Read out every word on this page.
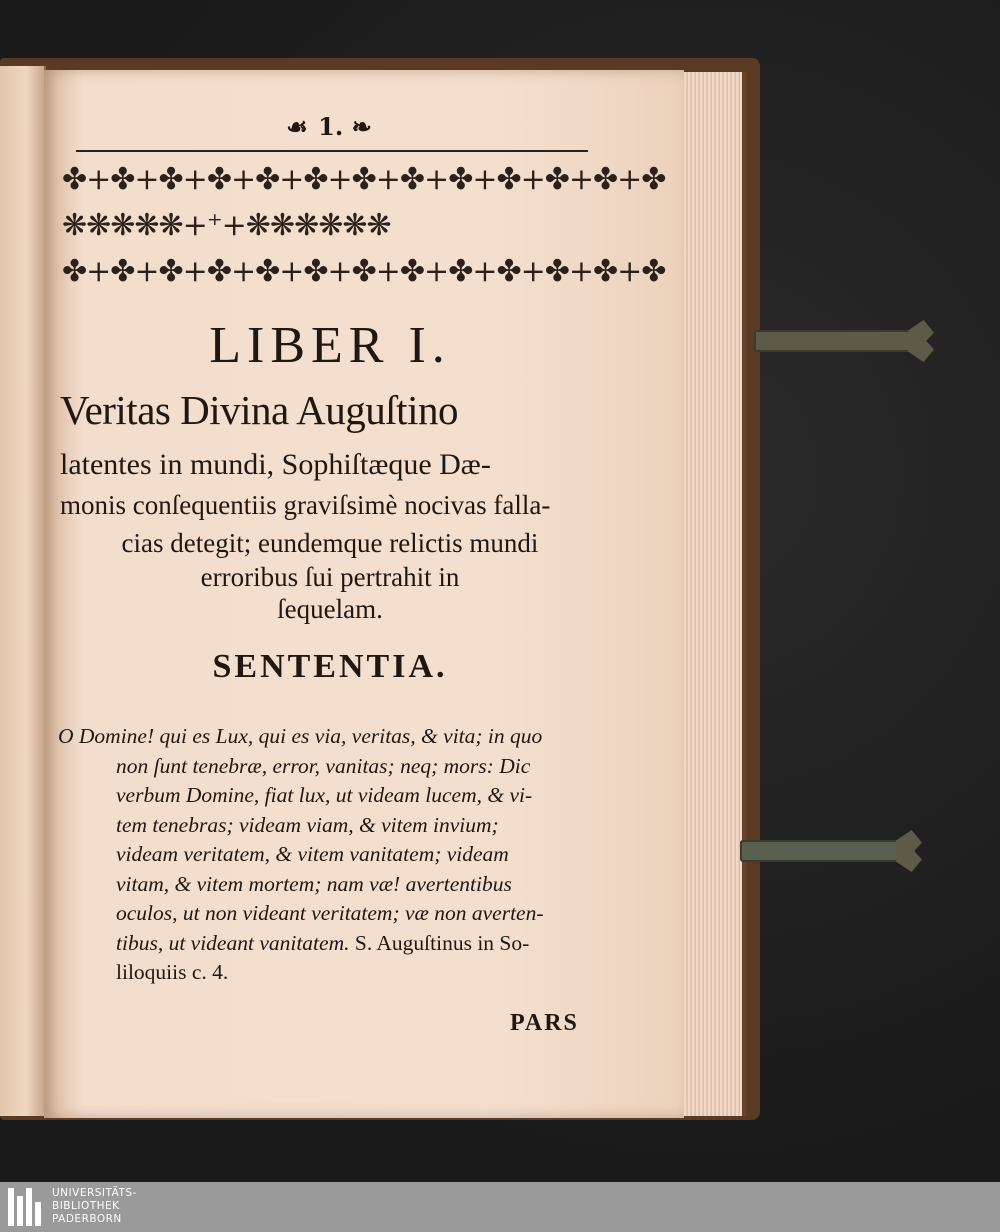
☙ 1. ❧
✤+✤+✤+✤+✤+✤+✤+✤+✤+✤+✤+✤+✤
❋❋❋❋❋+⁺+❋❋❋❋❋❋
✤+✤+✤+✤+✤+✤+✤+✤+✤+✤+✤+✤+✤
LIBER I.
Veritas Divina Auguſtino
latentes in mundi, Sophiſtæque Dæ-
monis conſequentiis graviſsimè nocivas falla-
cias detegit; eundemque relictis mundi
erroribus ſui pertrahit in
ſequelam.
SENTENTIA.
O Domine! qui es Lux, qui es via, veritas, & vita; in quo
non ſunt tenebræ, error, vanitas; neq; mors: Dic
verbum Domine, fiat lux, ut videam lucem, & vi-
tem tenebras; videam viam, & vitem invium;
videam veritatem, & vitem vanitatem; videam
vitam, & vitem mortem; nam væ! avertentibus
oculos, ut non videant veritatem; væ non averten-
tibus, ut videant vanitatem. S. Auguſtinus in So-
liloquiis c. 4.
PARS
UNIVERSITÄTS-
BIBLIOTHEK
PADERBORN
